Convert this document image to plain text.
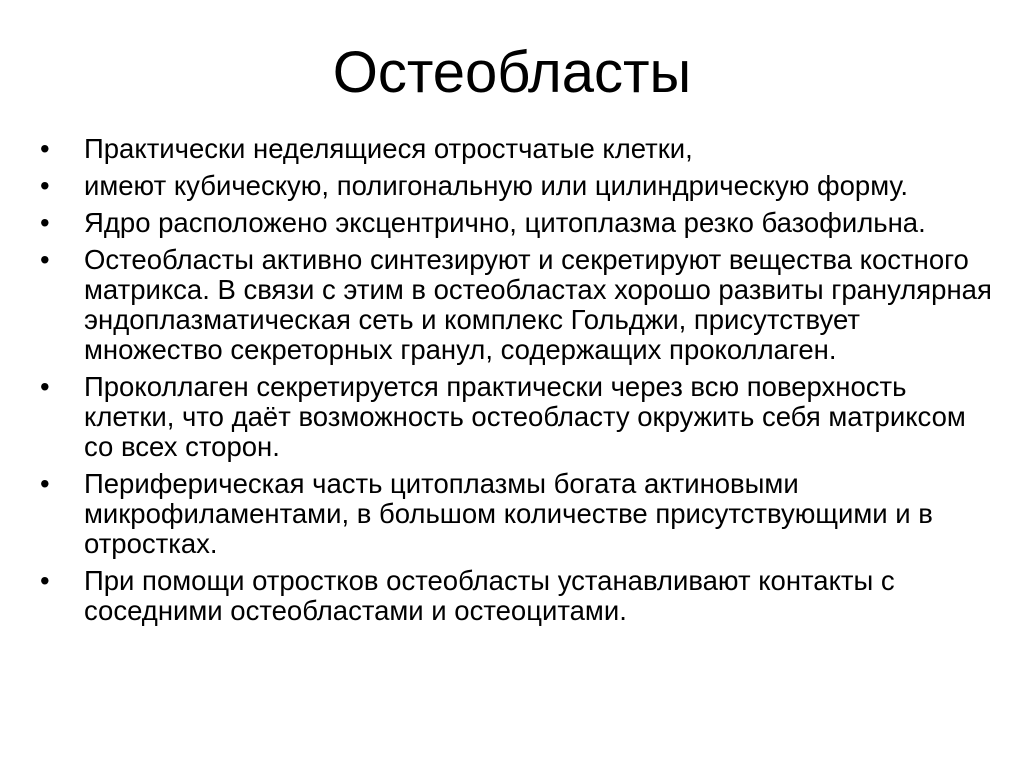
Остеобласты
•	Практически неделящиеся отростчатые клетки,
•	имеют кубическую, полигональную или цилиндрическую форму.
•	Ядро расположено эксцентрично, цитоплазма резко базофильна.
•	Остеобласты активно синтезируют и секретируют вещества костного матрикса. В связи с этим в остеобластах хорошо развиты гранулярная эндоплазматическая сеть и комплекс Гольджи, присутствует множество секреторных гранул, содержащих проколлаген.
•	Проколлаген секретируется практически через всю поверхность клетки, что даёт возможность остеобласту окружить себя матриксом со всех сторон.
•	Периферическая часть цитоплазмы богата актиновыми микрофиламентами, в большом количестве присутствующими и в отростках.
•	При помощи отростков остеобласты устанавливают контакты с соседними остеобластами и остеоцитами.
